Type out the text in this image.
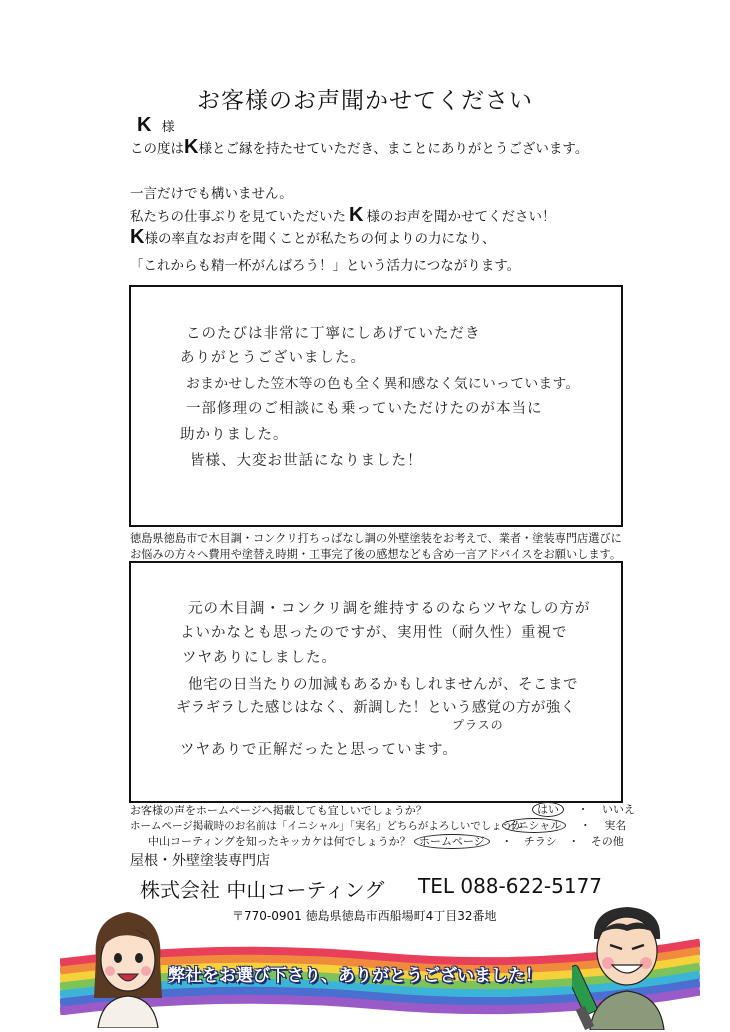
お客様のお声聞かせてください
K 様
この度はK様とご縁を持たせていただき、まことにありがとうございます。
一言だけでも構いません。
私たちの仕事ぶりを見ていただいた K 様のお声を聞かせてください！
K様の率直なお声を聞くことが私たちの何よりの力になり、
「これからも精一杯がんばろう！」という活力につながります。
このたびは非常に丁寧にしあげていただき
ありがとうございました。
おまかせした笠木等の色も全く異和感なく気にいっています。
一部修理のご相談にも乗っていただけたのが本当に
助かりました。
皆様、大変お世話になりました！
徳島県徳島市で木目調・コンクリ打ちっぱなし調の外壁塗装をお考えで、業者・塗装専門店選びに
お悩みの方々へ費用や塗替え時期・工事完了後の感想なども含め一言アドバイスをお願いします。
元の木目調・コンクリ調を維持するのならツヤなしの方が
よいかなとも思ったのですが、実用性（耐久性）重視で
ツヤありにしました。
他宅の日当たりの加減もあるかもしれませんが、そこまで
ギラギラした感じはなく、新調した！という感覚の方が強く
プラスの
ツヤありで正解だったと思っています。
お客様の声をホームページへ掲載しても宜しいでしょうか？	はい ・ いいえ
ホームページ掲載時のお名前は「イニシャル」「実名」どちらがよろしいでしょうか
イニシャル ・ 実名
中山コーティングを知ったキッカケは何でしょうか？ ホームページ ・ チラシ ・ その他
屋根・外壁塗装専門店
株式会社 中山コーティング TEL 088-622-5177
〒770-0901 徳島県徳島市西船場町4丁目32番地
弊社をお選び下さり、ありがとうございました！
